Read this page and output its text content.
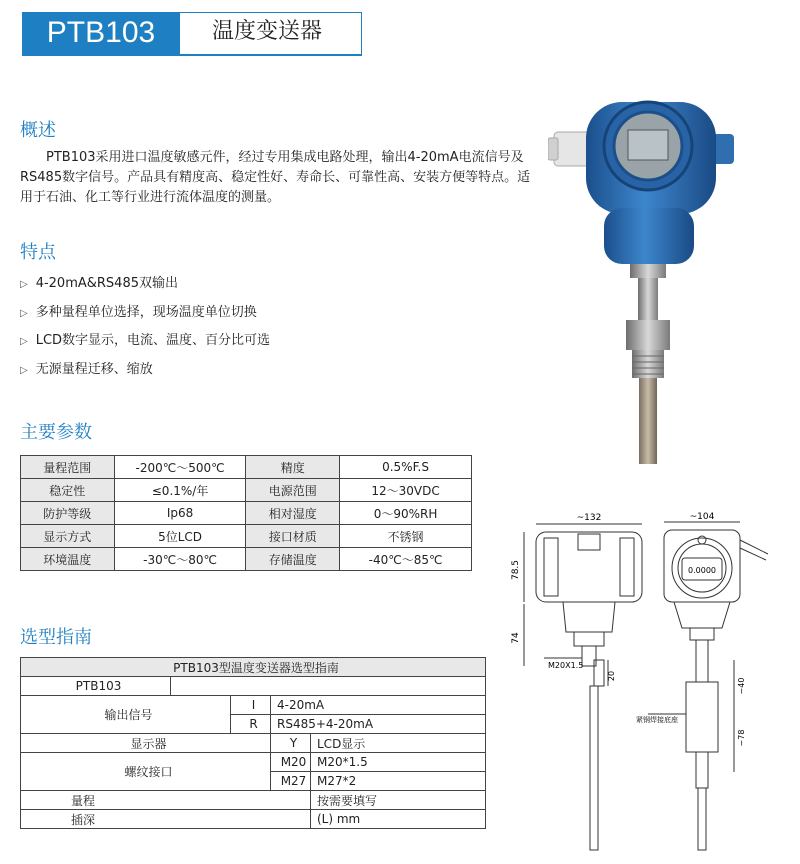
PTB103	温度变送器
概述

PTB103采用进口温度敏感元件，经过专用集成电路处理，输出4-20mA电流信号及RS485数字信号。产品具有精度高、稳定性好、寿命长、可靠性高、安装方便等特点。适用于石油、化工等行业进行流体温度的测量。

特点
▷ 4-20mA&RS485双输出
▷ 多种量程单位选择，现场温度单位切换
▷ LCD数字显示，电流、温度、百分比可选
▷ 无源量程迁移、缩放
主要参数
量程范围	-200℃～500℃	精度	0.5%F.S
稳定性	≤0.1%/年	电源范围	12～30VDC
防护等级	Ip68	相对湿度	0～90%RH
显示方式	5位LCD	接口材质	不锈钢
环境温度	-30℃～80℃	存储温度	-40℃～85℃
选型指南
PTB103型温度变送器选型指南				
PTB103				
输出信号		I	4-20mA	
		R	RS485+4-20mA	
显示器			Y	LCD显示
螺纹接口			M20	M20*1.5
			M27	M27*2
量程				按需要填写
插深				(L) mm
~132	~104
78.5
74
20
~40
~78
M20X1.5
0.0000
紧钢焊接底座
